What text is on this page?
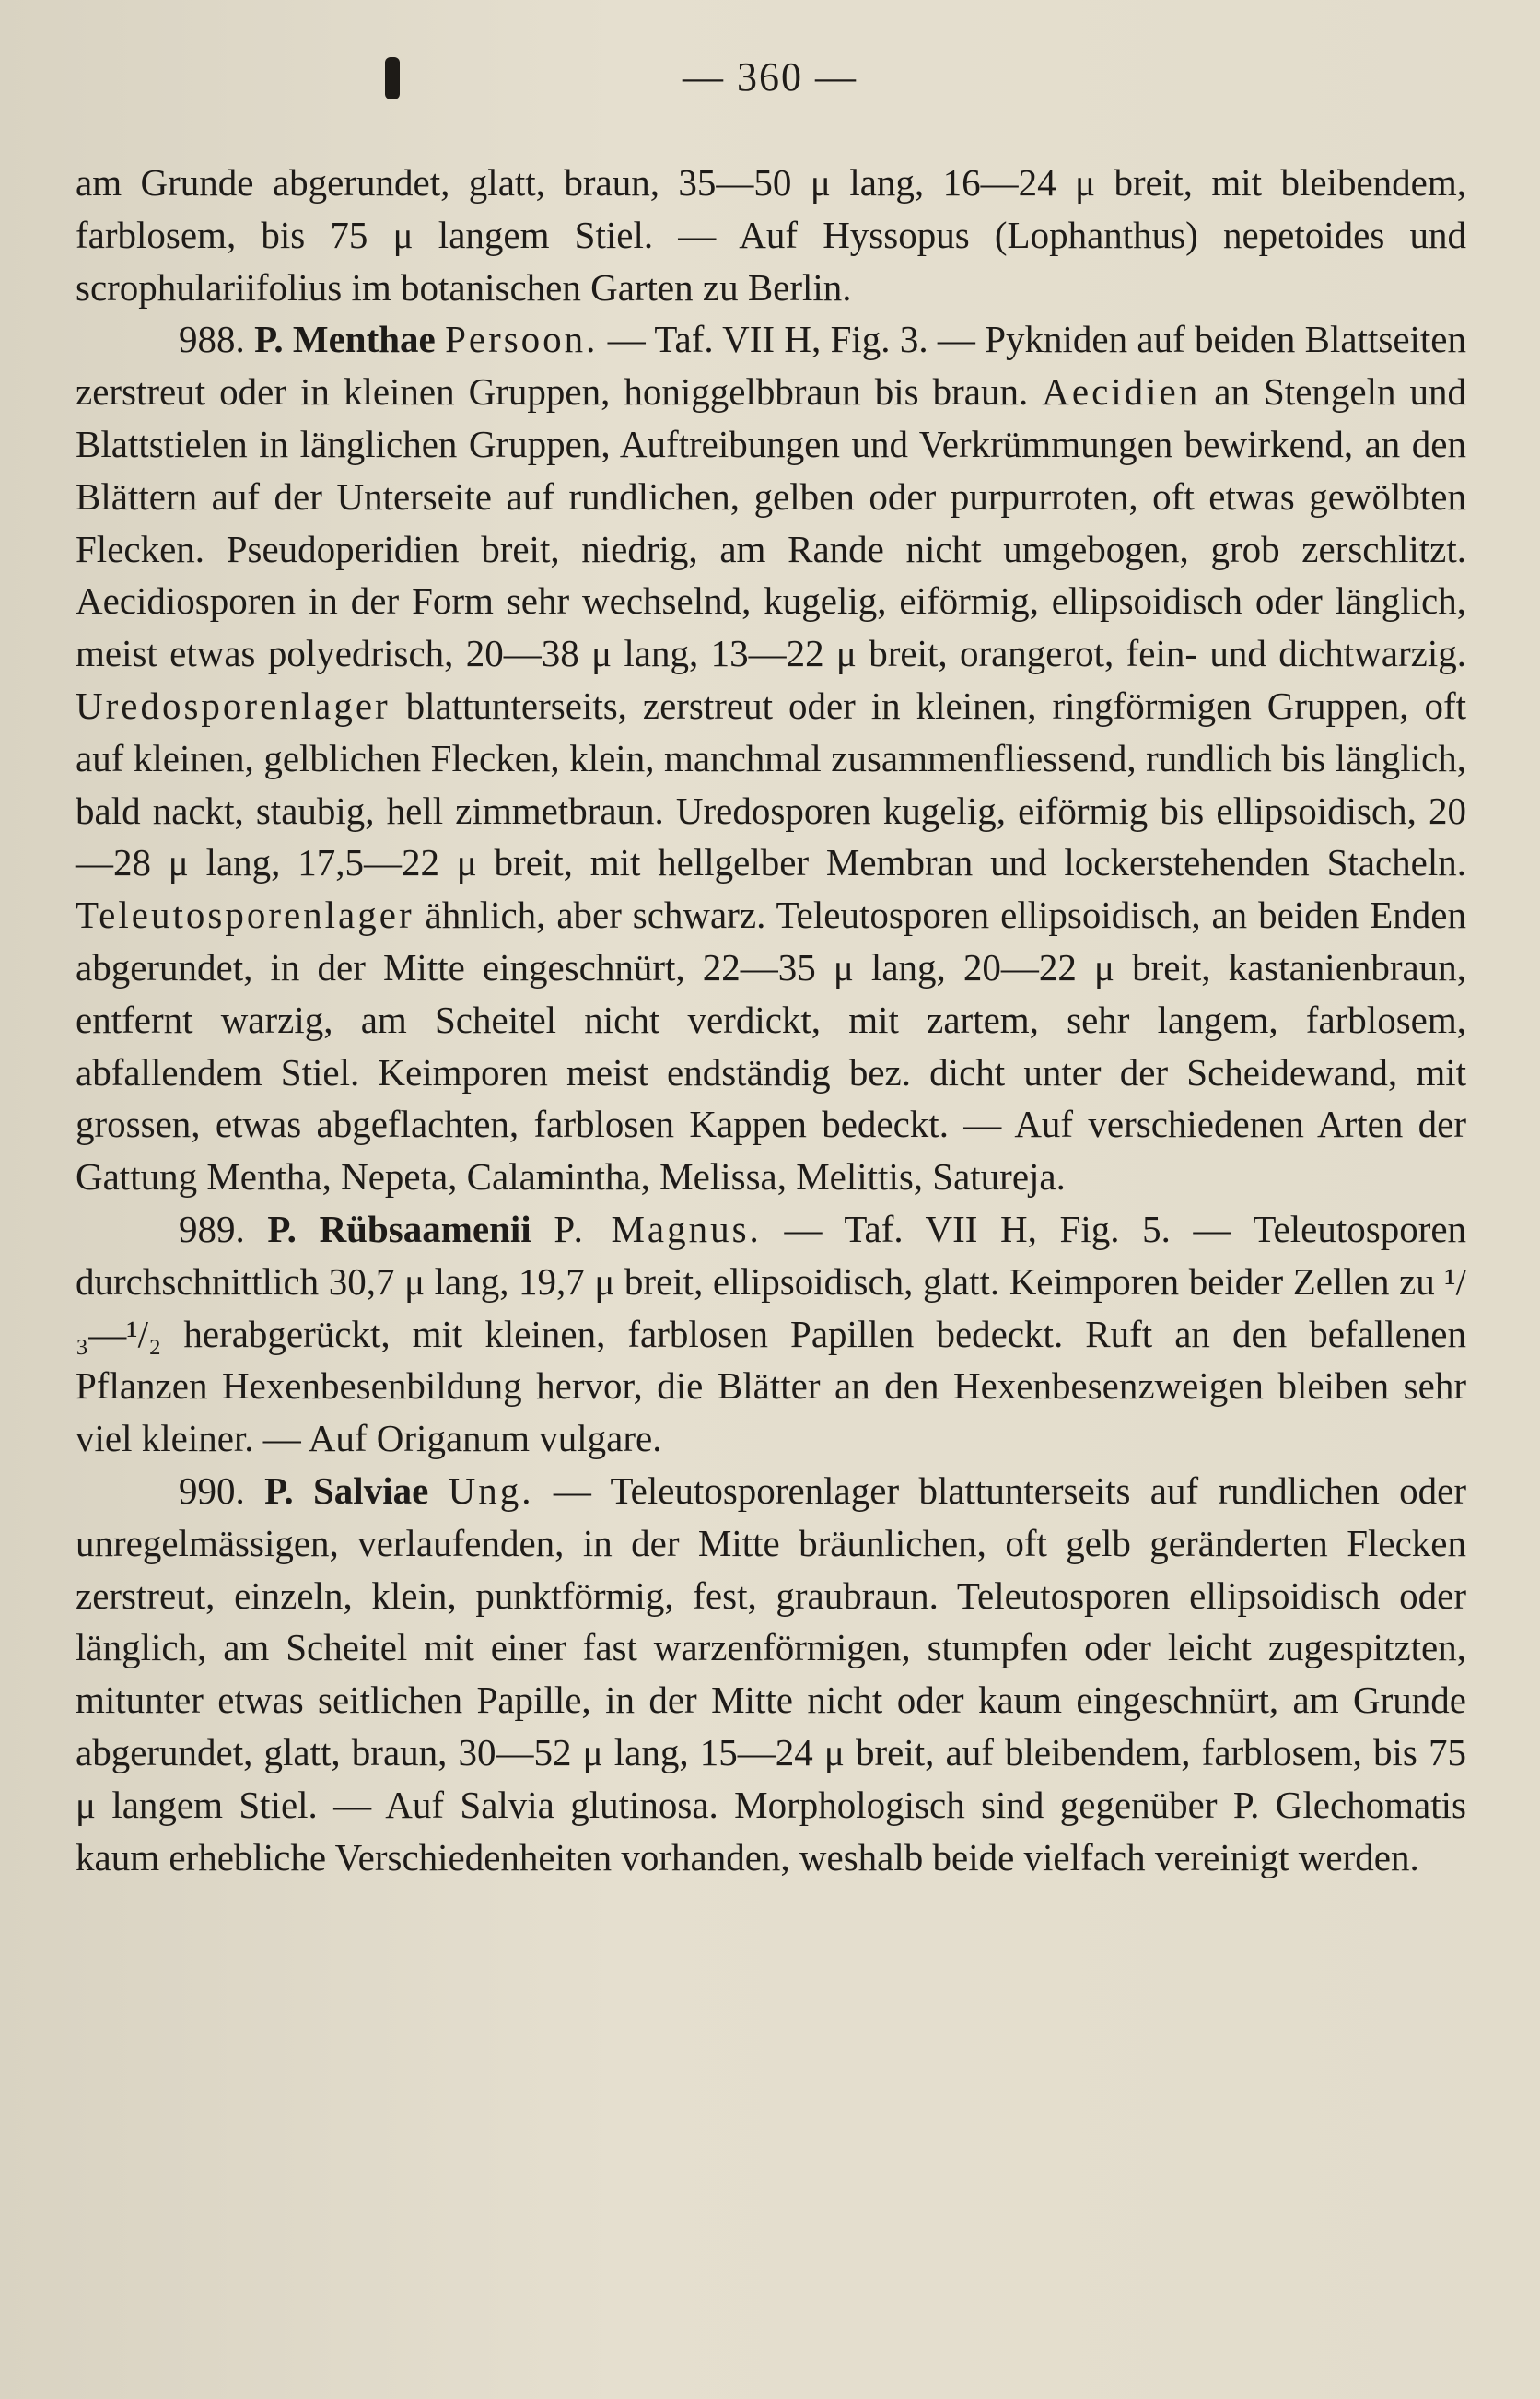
— 360 —

am Grunde abgerundet, glatt, braun, 35—50 μ lang, 16—24 μ breit, mit bleibendem, farblosem, bis 75 μ langem Stiel. — Auf Hyssopus (Lophanthus) nepetoides und scrophulariifolius im botanischen Garten zu Berlin.

988. P. Menthae Persoon. — Taf. VII H, Fig. 3. — Pykniden auf beiden Blattseiten zerstreut oder in kleinen Gruppen, honiggelbbraun bis braun. Aecidien an Stengeln und Blattstielen in länglichen Gruppen, Auftreibungen und Verkrümmungen bewirkend, an den Blättern auf der Unterseite auf rundlichen, gelben oder purpurroten, oft etwas gewölbten Flecken. Pseudoperidien breit, niedrig, am Rande nicht umgebogen, grob zerschlitzt. Aecidiosporen in der Form sehr wechselnd, kugelig, eiförmig, ellipsoidisch oder länglich, meist etwas polyedrisch, 20—38 μ lang, 13—22 μ breit, orangerot, fein- und dichtwarzig. Uredosporenlager blattunterseits, zerstreut oder in kleinen, ringförmigen Gruppen, oft auf kleinen, gelblichen Flecken, klein, manchmal zusammenfliessend, rundlich bis länglich, bald nackt, staubig, hell zimmetbraun. Uredosporen kugelig, eiförmig bis ellipsoidisch, 20—28 μ lang, 17,5—22 μ breit, mit hellgelber Membran und lockerstehenden Stacheln. Teleutosporenlager ähnlich, aber schwarz. Teleutosporen ellipsoidisch, an beiden Enden abgerundet, in der Mitte eingeschnürt, 22—35 μ lang, 20—22 μ breit, kastanienbraun, entfernt warzig, am Scheitel nicht verdickt, mit zartem, sehr langem, farblosem, abfallendem Stiel. Keimporen meist endständig bez. dicht unter der Scheidewand, mit grossen, etwas abgeflachten, farblosen Kappen bedeckt. — Auf verschiedenen Arten der Gattung Mentha, Nepeta, Calamintha, Melissa, Melittis, Satureja.

989. P. Rübsaamenii P. Magnus. — Taf. VII H, Fig. 5. — Teleutosporen durchschnittlich 30,7 μ lang, 19,7 μ breit, ellipsoidisch, glatt. Keimporen beider Zellen zu ¹/₃—¹/₂ herabgerückt, mit kleinen, farblosen Papillen bedeckt. Ruft an den befallenen Pflanzen Hexenbesenbildung hervor, die Blätter an den Hexenbesenzweigen bleiben sehr viel kleiner. — Auf Origanum vulgare.

990. P. Salviae Ung. — Teleutosporenlager blattunterseits auf rundlichen oder unregelmässigen, verlaufenden, in der Mitte bräunlichen, oft gelb geränderten Flecken zerstreut, einzeln, klein, punktförmig, fest, graubraun. Teleutosporen ellipsoidisch oder länglich, am Scheitel mit einer fast warzenförmigen, stumpfen oder leicht zugespitzten, mitunter etwas seitlichen Papille, in der Mitte nicht oder kaum eingeschnürt, am Grunde abgerundet, glatt, braun, 30—52 μ lang, 15—24 μ breit, auf bleibendem, farblosem, bis 75 μ langem Stiel. — Auf Salvia glutinosa. Morphologisch sind gegenüber P. Glechomatis kaum erhebliche Verschiedenheiten vorhanden, weshalb beide vielfach vereinigt werden.
